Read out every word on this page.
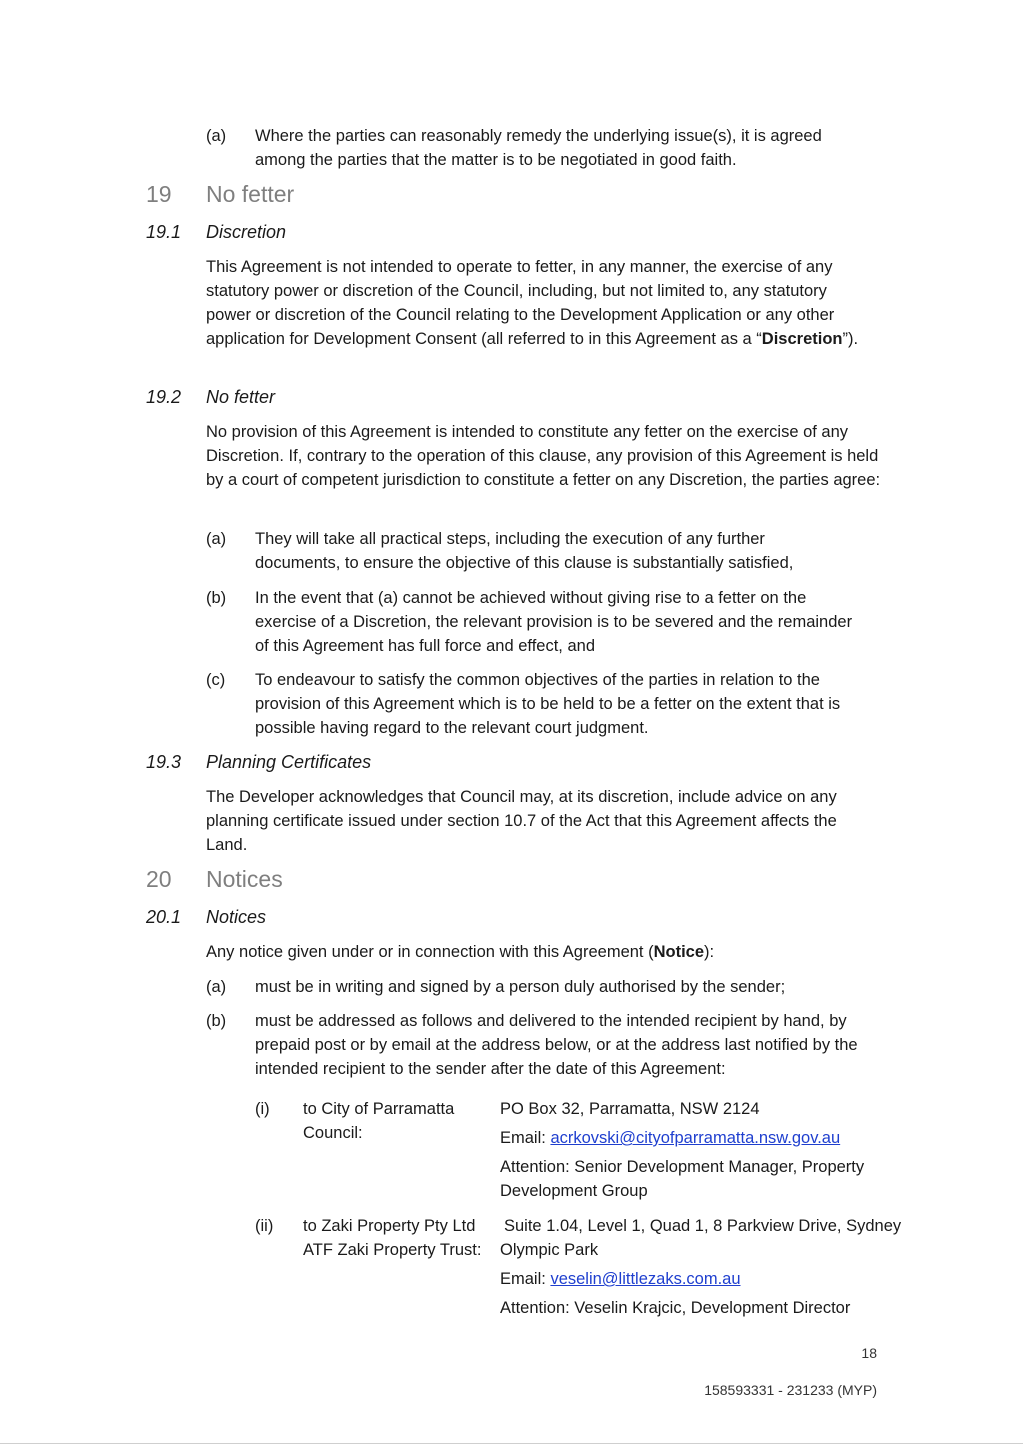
(a) Where the parties can reasonably remedy the underlying issue(s), it is agreed among the parties that the matter is to be negotiated in good faith.

19 No fetter
19.1 Discretion

This Agreement is not intended to operate to fetter, in any manner, the exercise of any statutory power or discretion of the Council, including, but not limited to, any statutory power or discretion of the Council relating to the Development Application or any other application for Development Consent (all referred to in this Agreement as a “Discretion”).

19.2 No fetter

No provision of this Agreement is intended to constitute any fetter on the exercise of any Discretion. If, contrary to the operation of this clause, any provision of this Agreement is held by a court of competent jurisdiction to constitute a fetter on any Discretion, the parties agree:

(a) They will take all practical steps, including the execution of any further documents, to ensure the objective of this clause is substantially satisfied,

(b) In the event that (a) cannot be achieved without giving rise to a fetter on the exercise of a Discretion, the relevant provision is to be severed and the remainder of this Agreement has full force and effect, and

(c) To endeavour to satisfy the common objectives of the parties in relation to the provision of this Agreement which is to be held to be a fetter on the extent that is possible having regard to the relevant court judgment.

19.3 Planning Certificates

The Developer acknowledges that Council may, at its discretion, include advice on any planning certificate issued under section 10.7 of the Act that this Agreement affects the Land.

20 Notices
20.1 Notices

Any notice given under or in connection with this Agreement (Notice):

(a) must be in writing and signed by a person duly authorised by the sender;

(b) must be addressed as follows and delivered to the intended recipient by hand, by prepaid post or by email at the address below, or at the address last notified by the intended recipient to the sender after the date of this Agreement:

(i) to City of Parramatta Council:

PO Box 32, Parramatta, NSW 2124

Email: acrkovski@cityofparramatta.nsw.gov.au

Attention: Senior Development Manager, Property Development Group

(ii) to Zaki Property Pty Ltd ATF Zaki Property Trust:

Suite 1.04, Level 1, Quad 1, 8 Parkview Drive, Sydney Olympic Park

Email: veselin@littlezaks.com.au

Attention: Veselin Krajcic, Development Director

18
158593331 - 231233 (MYP)
